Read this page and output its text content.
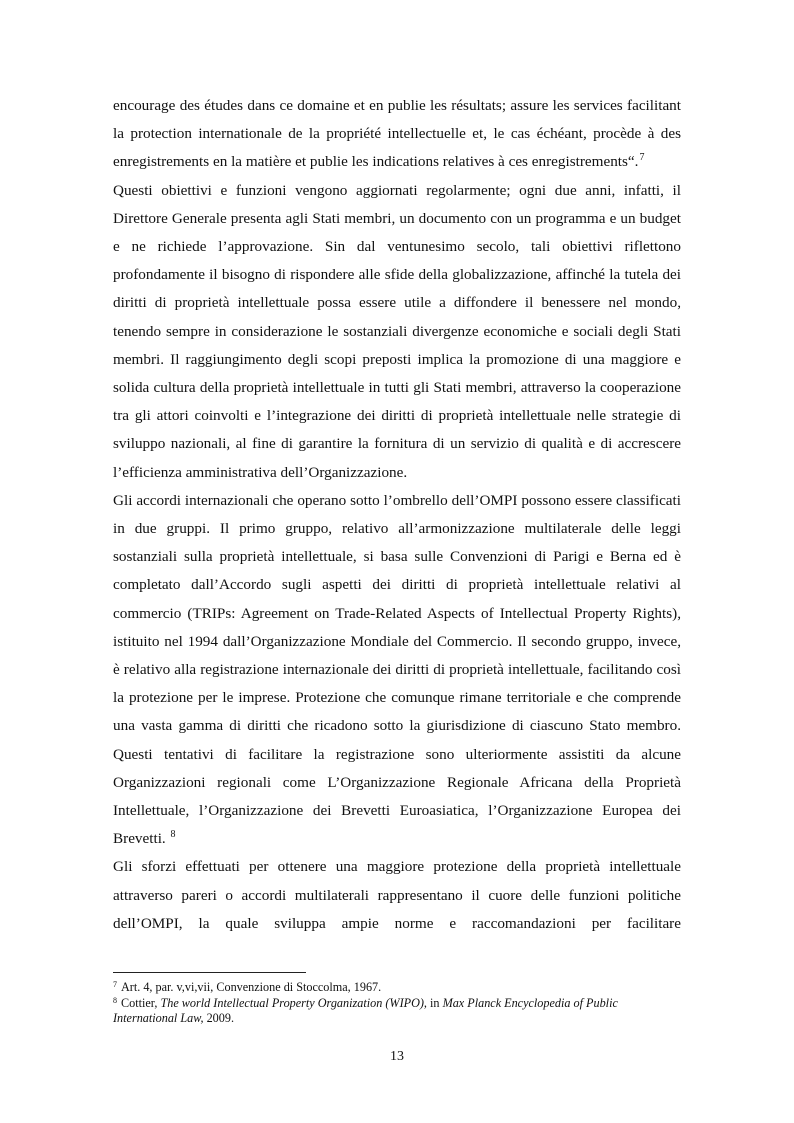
encourage des études dans ce domaine et en publie les résultats; assure les services facilitant la protection internationale de la propriété intellectuelle et, le cas échéant, procède à des enregistrements en la matière et publie les indications relatives à ces enregistrements“.$^7$

Questi obiettivi e funzioni vengono aggiornati regolarmente; ogni due anni, infatti, il Direttore Generale presenta agli Stati membri, un documento con un programma e un budget e ne richiede l’approvazione. Sin dal ventunesimo secolo, tali obiettivi riflettono profondamente il bisogno di rispondere alle sfide della globalizzazione, affinché la tutela dei diritti di proprietà intellettuale possa essere utile a diffondere il benessere nel mondo, tenendo sempre in considerazione le sostanziali divergenze economiche e sociali degli Stati membri. Il raggiungimento degli scopi preposti implica la promozione di una maggiore e solida cultura della proprietà intellettuale in tutti gli Stati membri, attraverso la cooperazione tra gli attori coinvolti e l’integrazione dei diritti di proprietà intellettuale nelle strategie di sviluppo nazionali, al fine di garantire la fornitura di un servizio di qualità e di accrescere l’efficienza amministrativa dell’Organizzazione.

Gli accordi internazionali che operano sotto l’ombrello dell’OMPI possono essere classificati in due gruppi. Il primo gruppo, relativo all’armonizzazione multilaterale delle leggi sostanziali sulla proprietà intellettuale, si basa sulle Convenzioni di Parigi e Berna ed è completato dall’Accordo sugli aspetti dei diritti di proprietà intellettuale relativi al commercio (TRIPs: Agreement on Trade-Related Aspects of Intellectual Property Rights), istituito nel 1994 dall’Organizzazione Mondiale del Commercio. Il secondo gruppo, invece, è relativo alla registrazione internazionale dei diritti di proprietà intellettuale, facilitando così la protezione per le imprese. Protezione che comunque rimane territoriale e che comprende una vasta gamma di diritti che ricadono sotto la giurisdizione di ciascuno Stato membro. Questi tentativi di facilitare la registrazione sono ulteriormente assistiti da alcune Organizzazioni regionali come L’Organizzazione Regionale Africana della Proprietà Intellettuale, l’Organizzazione dei Brevetti Euroasiatica, l’Organizzazione Europea dei Brevetti. $^8$

Gli sforzi effettuati per ottenere una maggiore protezione della proprietà intellettuale attraverso pareri o accordi multilaterali rappresentano il cuore delle funzioni politiche dell’OMPI, la quale sviluppa ampie norme e raccomandazioni per facilitare

$^7$ Art. 4, par. v,vi,vii, Convenzione di Stoccolma, 1967.

$^8$ Cottier, The world Intellectual Property Organization (WIPO), in Max Planck Encyclopedia of Public International Law, 2009.

13
